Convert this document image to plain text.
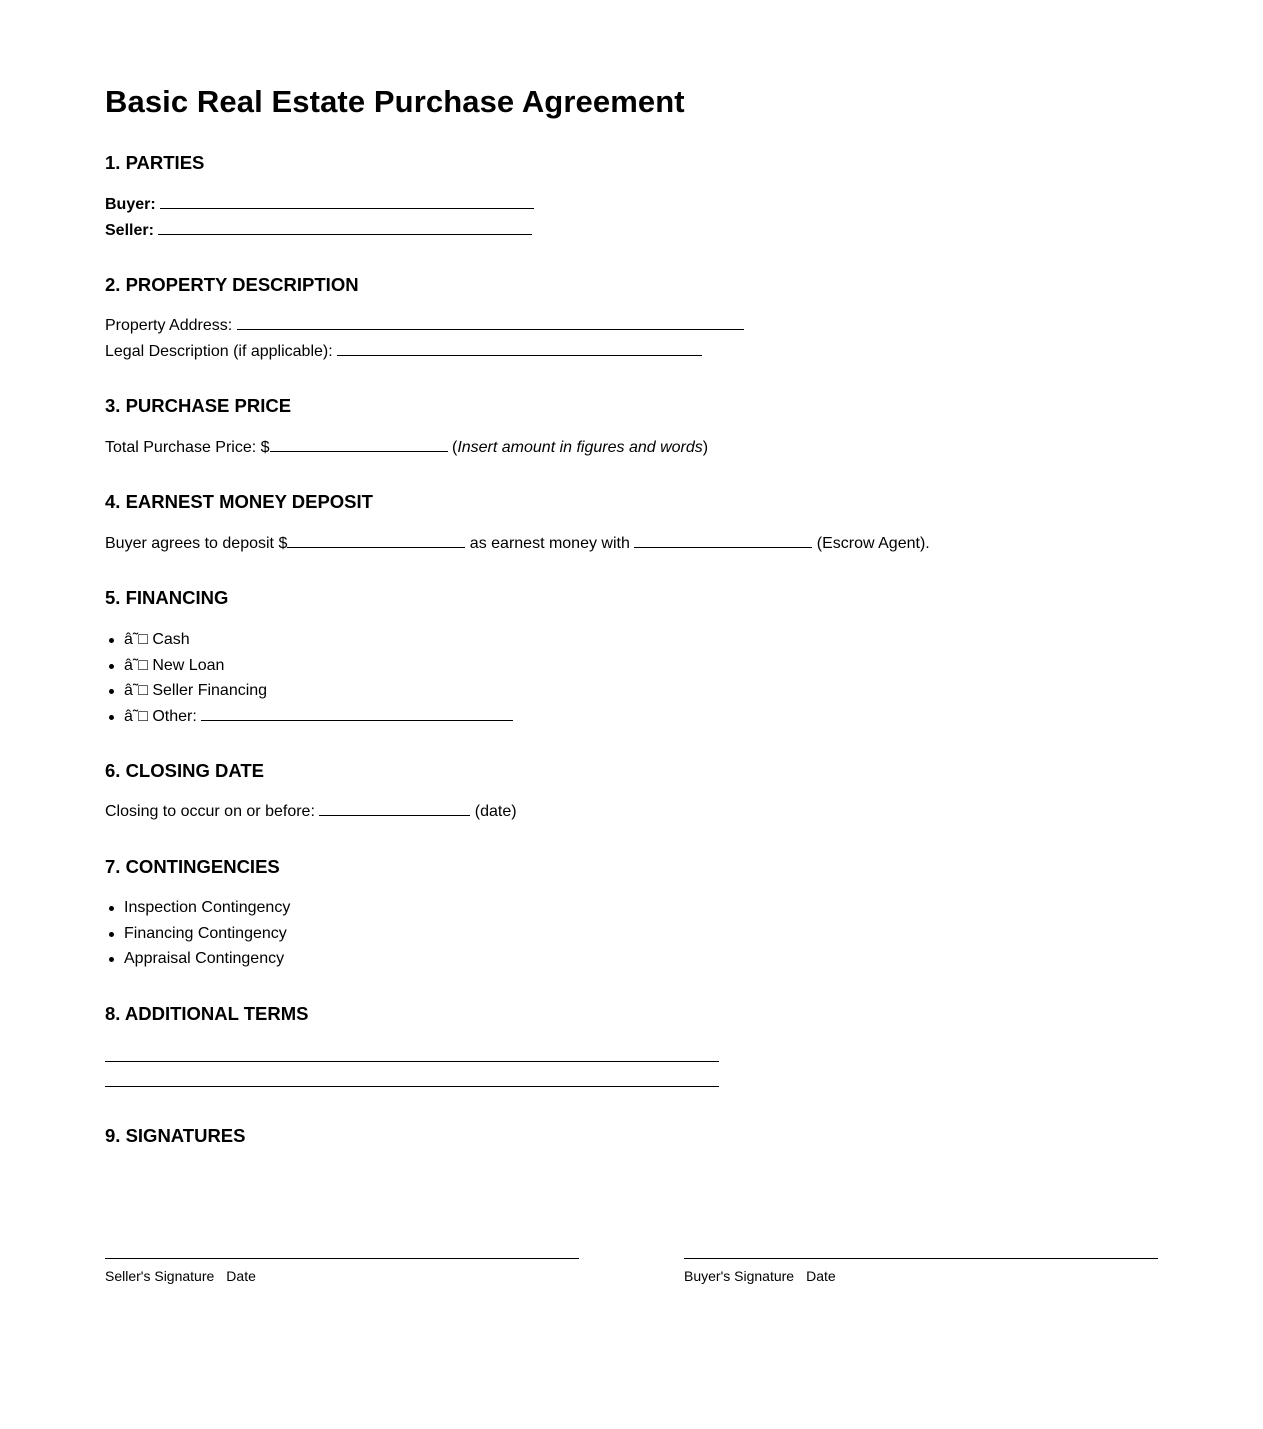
Basic Real Estate Purchase Agreement
1. PARTIES
Buyer:
Seller:
2. PROPERTY DESCRIPTION
Property Address:
Legal Description (if applicable):
3. PURCHASE PRICE
Total Purchase Price: $	(Insert amount in figures and words)
4. EARNEST MONEY DEPOSIT
Buyer agrees to deposit $	as earnest money with	(Escrow Agent).
5. FINANCING
â˜□ Cash
â˜□ New Loan
â˜□ Seller Financing
â˜□ Other:
6. CLOSING DATE
Closing to occur on or before:	(date)
7. CONTINGENCIES
Inspection Contingency
Financing Contingency
Appraisal Contingency
8. ADDITIONAL TERMS
9. SIGNATURES
Seller's Signature Date	Buyer's Signature Date
